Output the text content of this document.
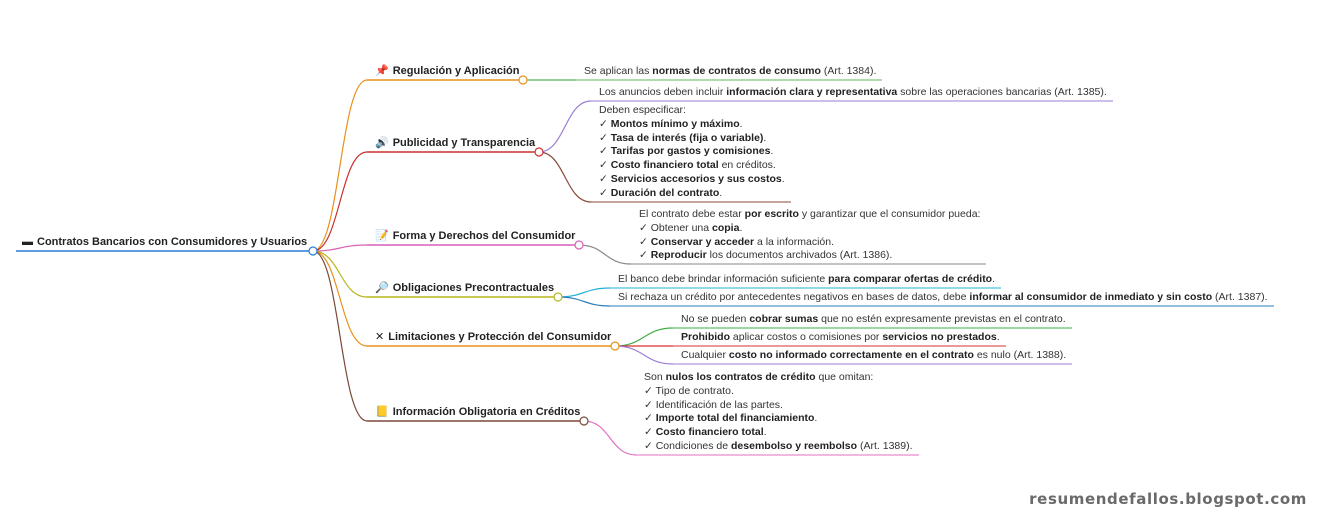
▬ Contratos Bancarios con Consumidores y Usuarios
📌 Regulación y Aplicación
🔊 Publicidad y Transparencia
📝 Forma y Derechos del Consumidor
🔎 Obligaciones Precontractuales
✕ Limitaciones y Protección del Consumidor
📒 Información Obligatoria en Créditos
Se aplican las normas de contratos de consumo (Art. 1384).
Los anuncios deben incluir información clara y representativa sobre las operaciones bancarias (Art. 1385).
Deben especificar:
✓ Montos mínimo y máximo.
✓ Tasa de interés (fija o variable).
✓ Tarifas por gastos y comisiones.
✓ Costo financiero total en créditos.
✓ Servicios accesorios y sus costos.
✓ Duración del contrato.
El contrato debe estar por escrito y garantizar que el consumidor pueda:
✓ Obtener una copia.
✓ Conservar y acceder a la información.
✓ Reproducir los documentos archivados (Art. 1386).
El banco debe brindar información suficiente para comparar ofertas de crédito.
Si rechaza un crédito por antecedentes negativos en bases de datos, debe informar al consumidor de inmediato y sin costo (Art. 1387).
No se pueden cobrar sumas que no estén expresamente previstas en el contrato.
Prohibido aplicar costos o comisiones por servicios no prestados.
Cualquier costo no informado correctamente en el contrato es nulo (Art. 1388).
Son nulos los contratos de crédito que omitan:
✓ Tipo de contrato.
✓ Identificación de las partes.
✓ Importe total del financiamiento.
✓ Costo financiero total.
✓ Condiciones de desembolso y reembolso (Art. 1389).
resumendefallos.blogspot.com
